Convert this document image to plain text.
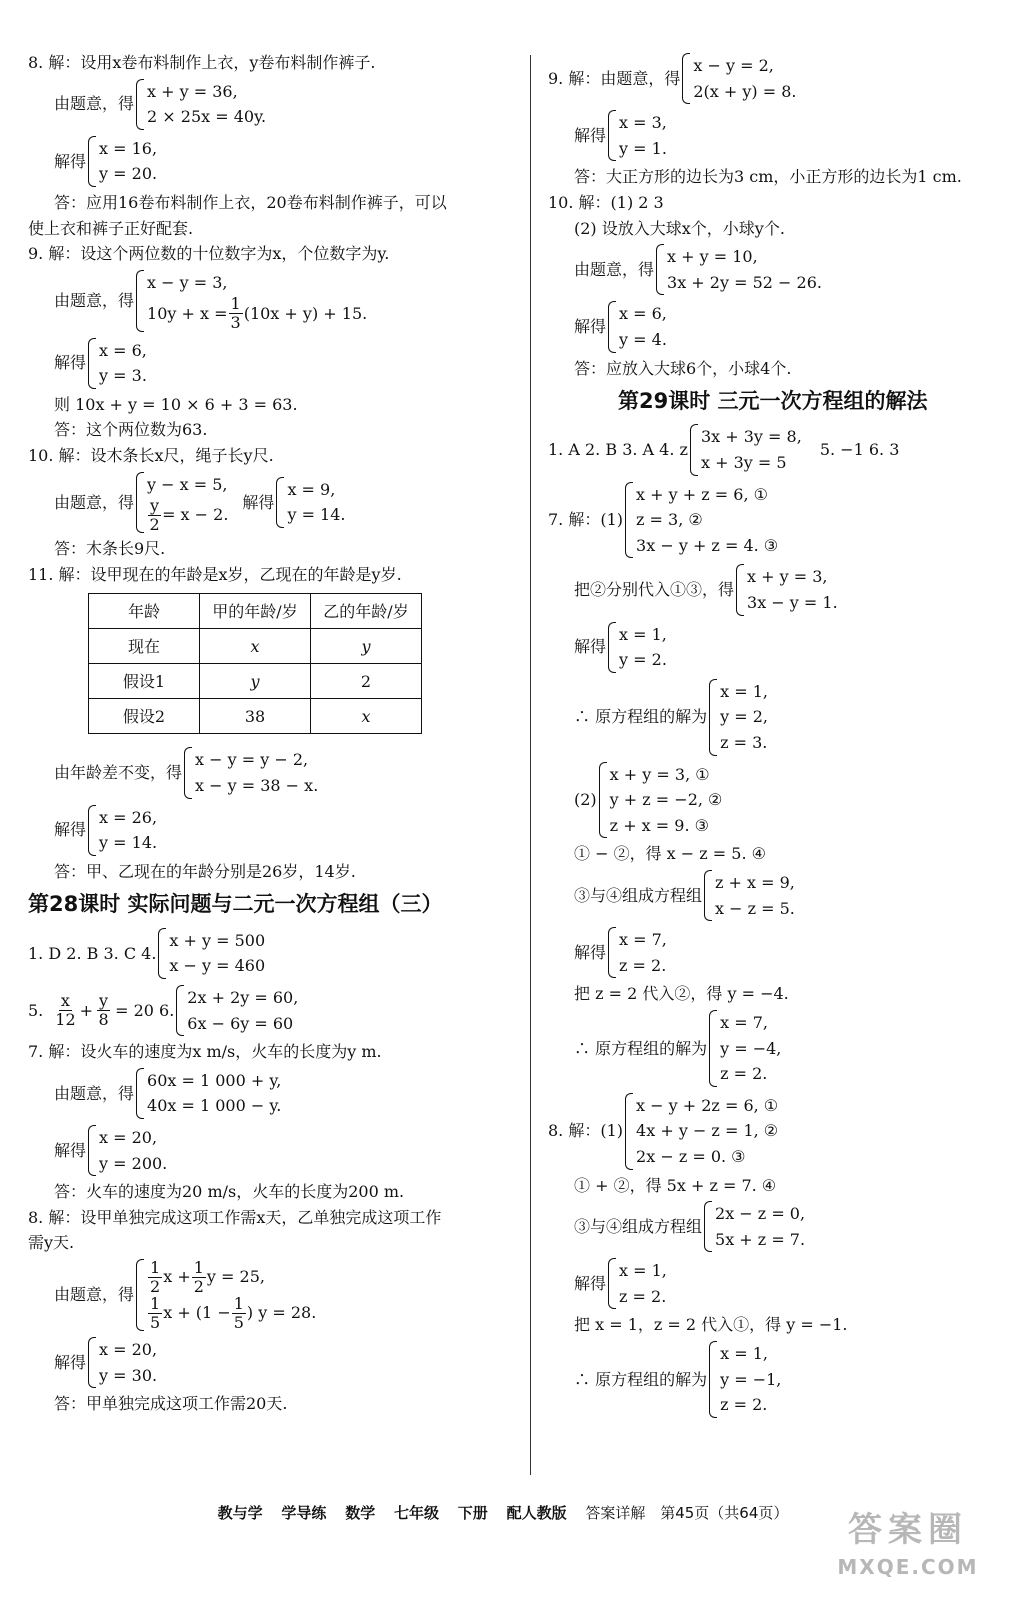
8. 解：设用x卷布料制作上衣，y卷布料制作裤子.

由题意，得
x + y = 36,
2 × 25x = 40y.
解得
x = 16,
y = 20.

答：应用16卷布料制作上衣，20卷布料制作裤子，可以

使上衣和裤子正好配套.

9. 解：设这个两位数的十位数字为x，个位数字为y.

由题意，得
x − y = 3,
$10y + x = \frac{1}{3} (10x + y) + 15$.
解得
x = 6,
y = 3.

则 10x + y = 10 × 6 + 3 = 63.

答：这个两位数为63.

10. 解：设木条长x尺，绳子长y尺.

由题意，得
y − x = 5,
$\frac{y}{2} = x - 2$.
解得
x = 9,
y = 14.

答：木条长9尺.

11. 解：设甲现在的年龄是x岁，乙现在的年龄是y岁.

年龄	甲的年龄/岁	乙的年龄/岁
现在	x	y
假设1	y	2
假设2	38	x
由年龄差不变，得
x − y = y − 2,
x − y = 38 − x.
解得
x = 26,
y = 14.

答：甲、乙现在的年龄分别是26岁，14岁.

第28课时 实际问题与二元一次方程组（三）
1. D 2. B 3. C 4.
x + y = 500
x − y = 460
5. $\frac{x}{12} + \frac{y}{8} = 20$ 6.
2x + 2y = 60,
6x − 6y = 60

7. 解：设火车的速度为x m/s，火车的长度为y m.

由题意，得
60x = 1 000 + y,
40x = 1 000 − y.
解得
x = 20,
y = 200.

答：火车的速度为20 m/s，火车的长度为200 m.

8. 解：设甲单独完成这项工作需x天，乙单独完成这项工作

需y天.

由题意，得 $\frac{1}{2}$ $x + \frac{1}{2}$ y = 25,
$\frac{1}{5}$ $x + (1 - \frac{1}{5}$ ) y = 28.
解得
x = 20,
y = 30.

答：甲单独完成这项工作需20天.

9. 解：由题意，得
x − y = 2,
2(x + y) = 8.
解得
x = 3,
y = 1.

答：大正方形的边长为3 cm，小正方形的边长为1 cm.

10. 解：(1) 2 3

(2) 设放入大球x个，小球y个.

由题意，得
x + y = 10,
3x + 2y = 52 − 26.
解得
x = 6,
y = 4.

答：应放入大球6个，小球4个.

第29课时 三元一次方程组的解法
1. A 2. B 3. A 4. z
3x + 3y = 8,
x + 3y = 5
5. −1 6. 3
7. 解：(1)
x + y + z = 6, ①
z = 3, ②
3x − y + z = 4. ③
把②分别代入①③，得
x + y = 3,
3x − y = 1.
解得
x = 1,
y = 2.
∴ 原方程组的解为
x = 1,
y = 2,
z = 3.
(2)
x + y = 3, ①
y + z = −2, ②
z + x = 9. ③

① − ②，得 x − z = 5. ④

③与④组成方程组
z + x = 9,
x − z = 5.
解得
x = 7,
z = 2.

把 z = 2 代入②，得 y = −4.

∴ 原方程组的解为
x = 7,
y = −4,
z = 2.
8. 解：(1)
x − y + 2z = 6, ①
4x + y − z = 1, ②
2x − z = 0. ③

① + ②，得 5x + z = 7. ④

③与④组成方程组
2x − z = 0,
5x + z = 7.
解得
x = 1,
z = 2.

把 x = 1，z = 2 代入①，得 y = −1.

∴ 原方程组的解为
x = 1,
y = −1,
z = 2.
教与学 学导练 数学 七年级 下册 配人教版 答案详解 第45页（共64页）	答案圈
MXQE.COM
